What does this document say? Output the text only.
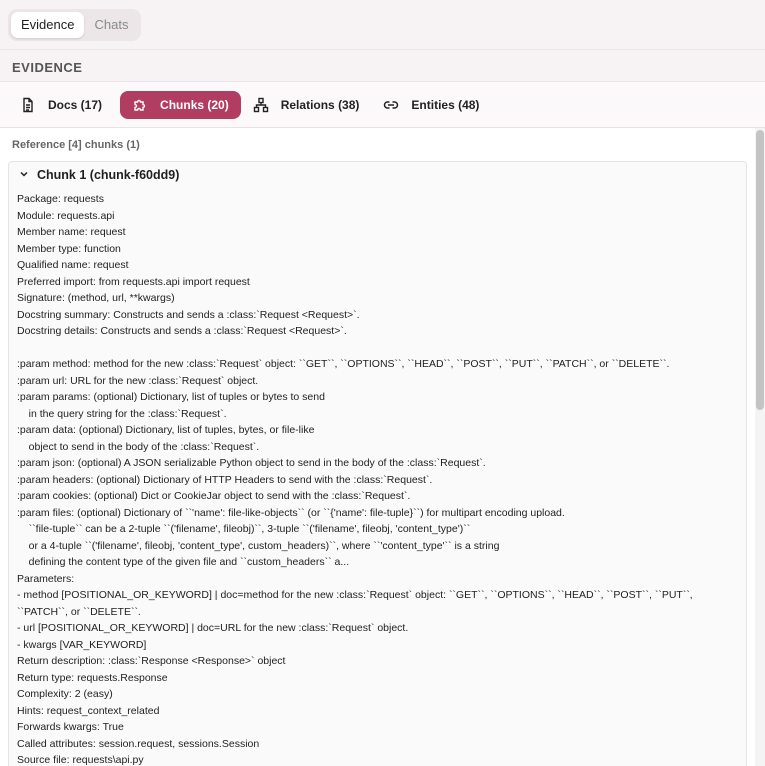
Evidence	Chats
EVIDENCE
Docs (17)	Chunks (20)	Relations (38)	Entities (48)
Reference [4] chunks (1)
Chunk 1 (chunk-f60dd9)
Package: requests
Module: requests.api
Member name: request
Member type: function
Qualified name: request
Preferred import: from requests.api import request
Signature: (method, url, **kwargs)
Docstring summary: Constructs and sends a :class:`Request <Request>`.
Docstring details: Constructs and sends a :class:`Request <Request>`.
:param method: method for the new :class:`Request` object: ``GET``, ``OPTIONS``, ``HEAD``, ``POST``, ``PUT``, ``PATCH``, or ``DELETE``.
:param url: URL for the new :class:`Request` object.
:param params: (optional) Dictionary, list of tuples or bytes to send
in the query string for the :class:`Request`.
:param data: (optional) Dictionary, list of tuples, bytes, or file-like
object to send in the body of the :class:`Request`.
:param json: (optional) A JSON serializable Python object to send in the body of the :class:`Request`.
:param headers: (optional) Dictionary of HTTP Headers to send with the :class:`Request`.
:param cookies: (optional) Dict or CookieJar object to send with the :class:`Request`.
:param files: (optional) Dictionary of ``'name': file-like-objects`` (or ``{'name': file-tuple}``) for multipart encoding upload.
``file-tuple`` can be a 2-tuple ``('filename', fileobj)``, 3-tuple ``('filename', fileobj, 'content_type')``
or a 4-tuple ``('filename', fileobj, 'content_type', custom_headers)``, where ``'content_type'`` is a string
defining the content type of the given file and ``custom_headers`` a...
Parameters:
- method [POSITIONAL_OR_KEYWORD] | doc=method for the new :class:`Request` object: ``GET``, ``OPTIONS``, ``HEAD``, ``POST``, ``PUT``,
``PATCH``, or ``DELETE``.
- url [POSITIONAL_OR_KEYWORD] | doc=URL for the new :class:`Request` object.
- kwargs [VAR_KEYWORD]
Return description: :class:`Response <Response>` object
Return type: requests.Response
Complexity: 2 (easy)
Hints: request_context_related
Forwards kwargs: True
Called attributes: session.request, sessions.Session
Source file: requests\api.py
